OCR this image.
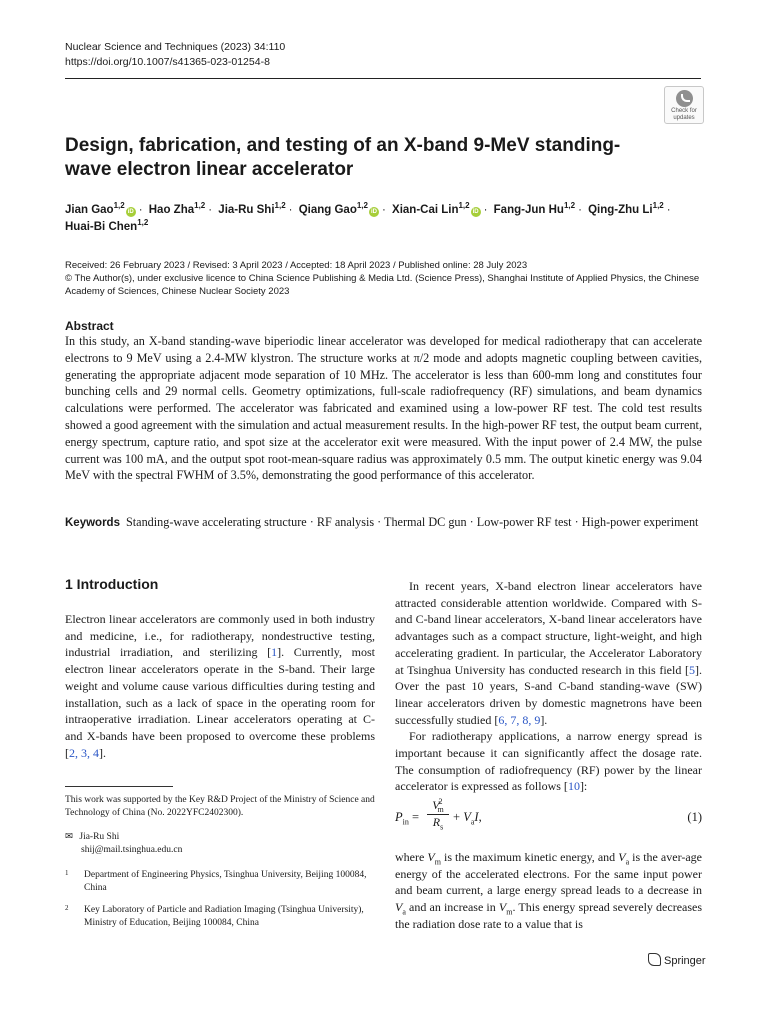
Nuclear Science and Techniques (2023) 34:110
https://doi.org/10.1007/s41365-023-01254-8
Check for
updates
Design, fabrication, and testing of an X-band 9-MeV standing-wave electron linear accelerator
Jian Gao$^{1,2}$iD · Hao Zha$^{1,2}$ · Jia-Ru Shi$^{1,2}$ · Qiang Gao$^{1,2}$iD · Xian-Cai Lin$^{1,2}$iD · Fang-Jun Hu$^{1,2}$ · Qing-Zhu Li$^{1,2}$ ·
Huai-Bi Chen$^{1,2}$
Received: 26 February 2023 / Revised: 3 April 2023 / Accepted: 18 April 2023 / Published online: 28 July 2023
© The Author(s), under exclusive licence to China Science Publishing & Media Ltd. (Science Press), Shanghai Institute of Applied Physics, the Chinese Academy of Sciences, Chinese Nuclear Society 2023
Abstract
In this study, an X-band standing-wave biperiodic linear accelerator was developed for medical radiotherapy that can accelerate electrons to 9 MeV using a 2.4-MW klystron. The structure works at π/2 mode and adopts magnetic coupling between cavities, generating the appropriate adjacent mode separation of 10 MHz. The accelerator is less than 600-mm long and constitutes four bunching cells and 29 normal cells. Geometry optimizations, full-scale radiofrequency (RF) simulations, and beam dynamics calculations were performed. The accelerator was fabricated and examined using a low-power RF test. The cold test results showed a good agreement with the simulation and actual measurement results. In the high-power RF test, the output beam current, energy spectrum, capture ratio, and spot size at the accelerator exit were measured. With the input power of 2.4 MW, the pulse current was 100 mA, and the output spot root-mean-square radius was approximately 0.5 mm. The output kinetic energy was 9.04 MeV with the spectral FWHM of 3.5%, demonstrating the good performance of this accelerator.
Keywords Standing-wave accelerating structure · RF analysis · Thermal DC gun · Low-power RF test · High-power experiment
1 Introduction
Electron linear accelerators are commonly used in both industry and medicine, i.e., for radiotherapy, nondestructive testing, industrial irradiation, and sterilizing [1]. Currently, most electron linear accelerators operate in the S-band. Their large weight and volume cause various difficulties during testing and installation, such as a lack of space in the operating room for intraoperative irradiation. Linear accelerators operating at C- and X-bands have been proposed to overcome these problems [2, 3, 4].
In recent years, X-band electron linear accelerators have attracted considerable attention worldwide. Compared with S-and C-band linear accelerators, X-band linear accelerators have advantages such as a compact structure, light-weight, and high accelerating gradient. In particular, the Accelerator Laboratory at Tsinghua University has conducted research in this field [5]. Over the past 10 years, S-and C-band standing-wave (SW) linear accelerators driven by domestic magnetrons have been successfully studied [6, 7, 8, 9].
For radiotherapy applications, a narrow energy spread is important because it can significantly affect the dosage rate. The consumption of radiofrequency (RF) power by the linear accelerator is expressed as follows [10]:
$P_{in} = \frac{V^2_m}{R_s} + V_aI$,	(1)
where $V_m$ is the maximum kinetic energy, and $V_a$ is the aver-age energy of the accelerated electrons. For the same input power and beam current, a large energy spread leads to a decrease in $V_a$ and an increase in $V_m$. This energy spread severely decreases the radiation dose rate to a value that is
This work was supported by the Key R&D Project of the Ministry of Science and Technology of China (No. 2022YFC2402300).
✉ Jia-Ru Shi
shij@mail.tsinghua.edu.cn
1 Department of Engineering Physics, Tsinghua University, Beijing 100084, China
2 Key Laboratory of Particle and Radiation Imaging (Tsinghua University), Ministry of Education, Beijing 100084, China
Springer
